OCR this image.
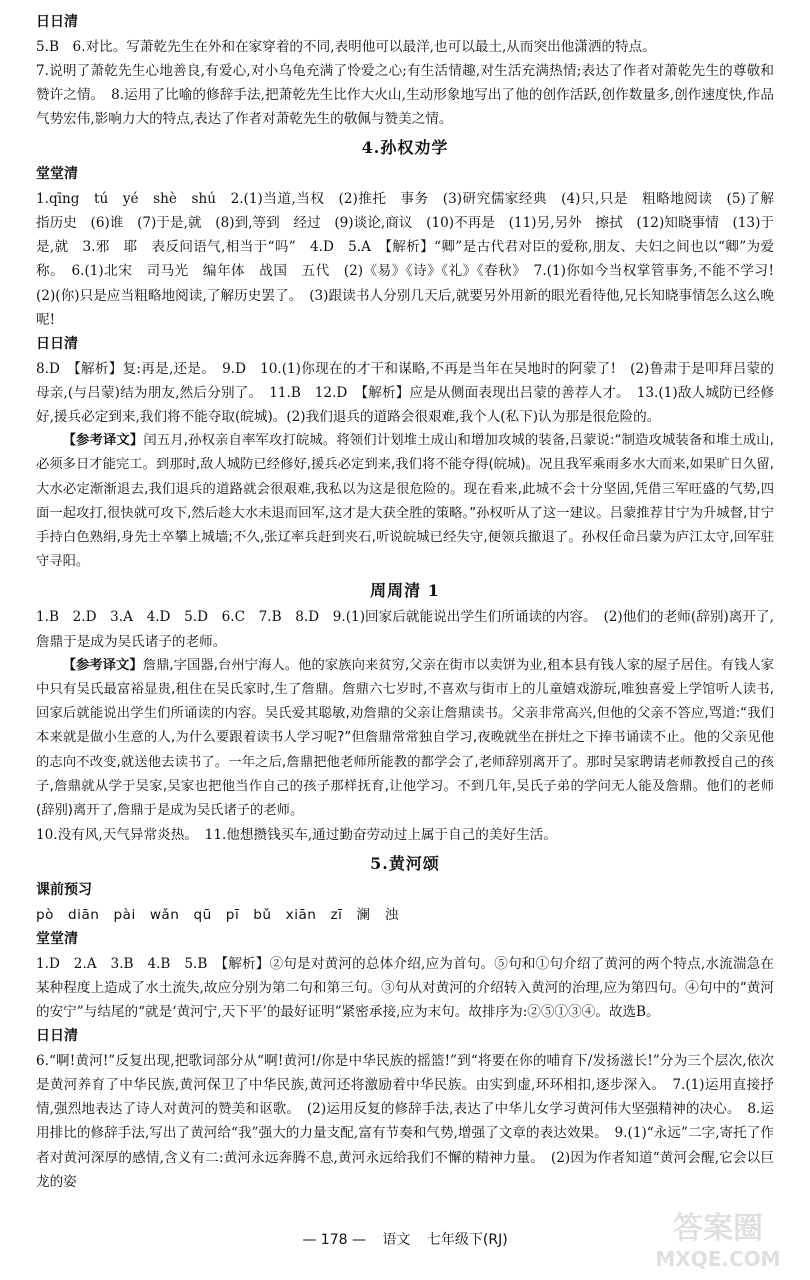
日日清

5.B　6.对比。写萧乾先生在外和在家穿着的不同,表明他可以最洋,也可以最土,从而突出他潇洒的特点。

7.说明了萧乾先生心地善良,有爱心,对小乌龟充满了怜爱之心;有生活情趣,对生活充满热情;表达了作者对萧乾先生的尊敬和赞许之情。　8.运用了比喻的修辞手法,把萧乾先生比作大火山,生动形象地写出了他的创作活跃,创作数量多,创作速度快,作品气势宏伟,影响力大的特点,表达了作者对萧乾先生的敬佩与赞美之情。

4.孙权劝学
堂堂清

1.qīng　tú　yé　shè　shú　2.(1)当道,当权　(2)推托　事务　(3)研究儒家经典　(4)只,只是　粗略地阅读　(5)了解　指历史　(6)谁　(7)于是,就　(8)到,等到　经过　(9)谈论,商议　(10)不再是　(11)另,另外　擦拭　(12)知晓事情　(13)于是,就　3.邪　耶　表反问语气,相当于“吗”　4.D　5.A　【解析】“卿”是古代君对臣的爱称,朋友、夫妇之间也以“卿”为爱称。　6.(1)北宋　司马光　编年体　战国　五代　(2)《易》《诗》《礼》《春秋》　7.(1)你如今当权掌管事务,不能不学习!　(2)(你)只是应当粗略地阅读,了解历史罢了。　(3)跟读书人分别几天后,就要另外用新的眼光看待他,兄长知晓事情怎么这么晚呢!

日日清

8.D　【解析】复:再是,还是。　9.D　10.(1)你现在的才干和谋略,不再是当年在吴地时的阿蒙了!　(2)鲁肃于是叩拜吕蒙的母亲,(与吕蒙)结为朋友,然后分别了。　11.B　12.D　【解析】应是从侧面表现出吕蒙的善荐人才。　13.(1)敌人城防已经修好,援兵必定到来,我们将不能夺取(皖城)。(2)我们退兵的道路会很艰难,我个人(私下)认为那是很危险的。

【参考译文】闰五月,孙权亲自率军攻打皖城。将领们计划堆土成山和增加攻城的装备,吕蒙说:“制造攻城装备和堆土成山,必须多日才能完工。到那时,敌人城防已经修好,援兵必定到来,我们将不能夺得(皖城)。况且我军乘雨多水大而来,如果旷日久留,大水必定渐渐退去,我们退兵的道路就会很艰难,我私以为这是很危险的。现在看来,此城不会十分坚固,凭借三军旺盛的气势,四面一起攻打,很快就可攻下,然后趁大水未退而回军,这才是大获全胜的策略。”孙权听从了这一建议。吕蒙推荐甘宁为升城督,甘宁手持白色熟绢,身先士卒攀上城墙;不久,张辽率兵赶到夹石,听说皖城已经失守,便领兵撤退了。孙权任命吕蒙为庐江太守,回军驻守寻阳。

周周清 1

1.B　2.D　3.A　4.D　5.D　6.C　7.B　8.D　9.(1)回家后就能说出学生们所诵读的内容。　(2)他们的老师(辞别)离开了,詹鼎于是成为吴氏诸子的老师。

【参考译文】詹鼎,字国器,台州宁海人。他的家族向来贫穷,父亲在街市以卖饼为业,租本县有钱人家的屋子居住。有钱人家中只有吴氏最富裕显贵,租住在吴氏家时,生了詹鼎。詹鼎六七岁时,不喜欢与街市上的儿童嬉戏游玩,唯独喜爱上学馆听人读书,回家后就能说出学生们所诵读的内容。吴氏爱其聪敏,劝詹鼎的父亲让詹鼎读书。父亲非常高兴,但他的父亲不答应,骂道:“我们本来就是做小生意的人,为什么要跟着读书人学习呢?”但詹鼎常常独自学习,夜晚就坐在拼灶之下捧书诵读不止。他的父亲见他的志向不改变,就送他去读书了。一年之后,詹鼎把他老师所能教的都学会了,老师辞别离开了。那时吴家聘请老师教授自己的孩子,詹鼎就从学于吴家,吴家也把他当作自己的孩子那样抚育,让他学习。不到几年,吴氏子弟的学问无人能及詹鼎。他们的老师(辞别)离开了,詹鼎于是成为吴氏诸子的老师。

10.没有风,天气异常炎热。　11.他想攒钱买车,通过勤奋劳动过上属于自己的美好生活。

5.黄河颂
课前预习

pò　diān　pài　wǎn　qū　pī　bǔ　xiān　zī　澜　浊

堂堂清

1.D　2.A　3.B　4.B　5.B　【解析】②句是对黄河的总体介绍,应为首句。⑤句和①句介绍了黄河的两个特点,水流湍急在某种程度上造成了水土流失,故应分别为第二句和第三句。③句从对黄河的介绍转入黄河的治理,应为第四句。④句中的“黄河的安宁”与结尾的“就是‘黄河宁,天下平’的最好证明”紧密承接,应为末句。故排序为:②⑤①③④。故选B。

日日清

6.“啊!黄河!”反复出现,把歌词部分从“啊!黄河!/你是中华民族的摇篮!”到“将要在你的哺育下/发扬滋长!”分为三个层次,依次是黄河养育了中华民族,黄河保卫了中华民族,黄河还将激励着中华民族。由实到虚,环环相扣,逐步深入。　7.(1)运用直接抒情,强烈地表达了诗人对黄河的赞美和讴歌。　(2)运用反复的修辞手法,表达了中华儿女学习黄河伟大坚强精神的决心。　8.运用排比的修辞手法,写出了黄河给“我”强大的力量支配,富有节奏和气势,增强了文章的表达效果。　9.(1)“永远”二字,寄托了作者对黄河深厚的感情,含义有二:黄河永远奔腾不息,黄河永远给我们不懈的精神力量。　(2)因为作者知道“黄河会醒,它会以巨龙的姿

— 178 — 语文 七年级下(RJ)	答案圈
MXQE.COM
